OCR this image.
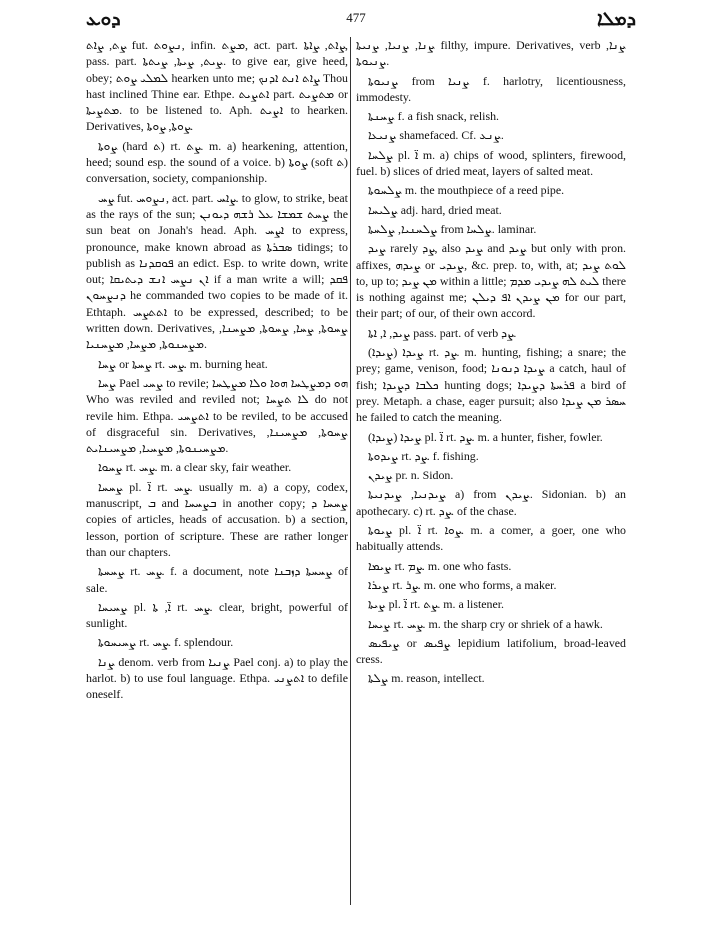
ܕܘܥ	477	ܕܡܠܐ

ܨܬ, ܨܐܬ fut. ܢܨܘܬ, infin. ܡܨܬ, act. part. ܨܐܬ, ܨܐܬܐ, pass. part. ܨܝܬ, ܨܝܬܐ, ܨܝܬܬܐ. to give ear, give heed, obey; ܠܡܠܝ ܨܘܬ hearken unto me; ܨܐܬ ܐܢܬ ܐܕܢܟ Thou hast inclined Thine ear. Ethpe. ܐܬܨܝܬ part. ܡܬܨܝܬ or ܡܬܨܝܬܐ. to be listened to. Aph. ܐܨܝܬ to hearken. Derivatives, ܨܘܬܐ, ܨܘܬܐ.

ܨܘܬܐ (hard ܬ) rt. ܨܬ. m. a) hearkening, attention, heed; sound esp. the sound of a voice. b) ܨܘܬܐ (soft ܬ) conversation, society, companionship.

ܨܚ fut. ܢܨܘܚ, act. part. ܨܐܚ. to glow, to strike, beat as the rays of the sun; ܨܚܬ ܫܡܫܐ ܥܠ ܪܫܗ ܕܝܘܢܢ the sun beat on Jonah's head. Aph. ܐܨܚ to express, pronounce, make known abroad as ܣܒܪܬܐ tidings; to publish as ܦܘܩܕܢܐ an edict. Esp. to write down, write out; ܐܢ ܢܨܚ ܐܢܫ ܕܝܬܝܩܐ if a man write a will; ܦܩܕ ܕܢܨܚܘܢ he commanded two copies to be made of it. Ethtaph. ܐܬܬܨܚ to be expressed, described; to be written down. Derivatives, ܨܚܘܬܐ, ܨܚܐ, ܨܚܘܬܐ, ܡܨܚܢܐ, ܡܨܚܢܘܬܐ, ܡܨܚܐ, ܡܨܚܢܝܐ.

ܨܚܐ or ܨܚܬܐ rt. ܨܚ. m. burning heat.

ܨܚܐ Pael ܨܚܝ to revile; ܗܘ ܕܡܨܛܚܐ ܗܘܐ ܘܠܐ ܡܨܛܚܐ Who was reviled and reviled not; ܠܐ ܬܨܚܐ do not revile him. Ethpa. ܐܬܨܚܝ to be reviled, to be accused of disgraceful sin. Derivatives, ܨܚܘܬܐ, ܡܨܚܝܢܐ, ܡܨܚܝܢܘܬܐ, ܡܨܚܝܐ, ܡܨܚܝܢܐܝܬ.

ܨܚܘܐ rt. ܨܚ. m. a clear sky, fair weather.

ܨܚܚܐ pl. ܐ̈ rt. ܨܚ. usually m. a) a copy, codex, manuscript, ܒ and ܒܨܚܚܐ in another copy; ܨܚܚܐ ܕ copies of articles, heads of accusation. b) a section, lesson, portion of scripture. These are rather longer than our chapters.

ܨܚܚܬܐ rt. ܨܚ. f. a document, note ܨܚܚܬܐ ܕܙܒܢܐ of sale.

ܨܚܝܚܐ pl. ܐ̈, ܬܐ rt. ܨܚ. clear, bright, powerful of sunlight.

ܨܚܝܚܘܬܐ rt. ܨܚ. f. splendour.

ܨܢܐ denom. verb from ܨܢܝܐ Pael conj. a) to play the harlot. b) to use foul language. Ethpa. ܐܬܨܢܝ to defile oneself.

ܨܢܐ, ܨܢܝܐ, ܨܢܝܬܐ filthy, impure. Derivatives, verb ܨܢܐ, ܨܢܝܘܬܐ.

ܨܢܝܘܬܐ from ܨܢܝܐ f. harlotry, licentiousness, immodesty.

ܨܚܢܬܐ f. a fish snack, relish.

ܨܢܝܥܐ shamefaced. Cf. ܨܢܥ.

ܨܠܚܐ pl. ܐ̈ m. a) chips of wood, splinters, firewood, fuel. b) slices of dried meat, layers of salted meat.

ܨܠܚܘܬܐ m. the mouthpiece of a reed pipe.

ܨܠܝܚܐ adj. hard, dried meat.

ܨܠܚܢܝܐ, ܨܠܚܬܐ from ܨܠܚܐ. laminar.

ܨܝܕ rarely ܨܕ, also ܨܝܕ and ܨܝܕ but only with pron. affixes, ܨܝܕܗ or ܨܝܕܝ, &c. prep. to, with, at; ܠܘܬ ܨܝܕ to, up to; ܡܢ ܨܝܕ within a little; ܠܝܬ ܠܗ ܨܝܕܝ ܡܕܡ there is nothing against me; ܡܢ ܨܝܕܢ ܐܦ ܕܝܠܢ for our part, their part; of our, of their own accord.

ܨܝܕ, ܐ, ܐܬܐ pass. part. of verb ܨܕ.

ܨܝܕܐ (ܨܝܕܐ) rt. ܨܕ. m. hunting, fishing; a snare; the prey; game, venison, food; ܨܝܕܐ ܕܢܘܢܐ a catch, haul of fish; ܟܠܒܐ ܕܨܝܕܐ hunting dogs; ܦܪܚܬܐ ܕܨܝܕܐ a bird of prey. Metaph. a chase, eager pursuit; also ܚܣܪ ܡܢ ܨܝܕܐ he failed to catch the meaning.

ܨܝܕܐ (ܨܝܕܐ) pl. ܐ̈ rt. ܨܕ. m. a hunter, fisher, fowler.

ܨܝܕܘܬܐ rt. ܨܕ. f. fishing.

ܨܝܕܢ pr. n. Sidon.

ܨܝܕܢܝܐ, ܨܝܕܢܝܬܐ a) from ܨܝܕܢ. Sidonian. b) an apothecary. c) rt. ܨܕ. of the chase.

ܨܝܘܬܐ pl. ܐ̈ rt. ܨܘܐ. m. a comer, a goer, one who habitually attends.

ܨܝܡܐ rt. ܨܡ. m. one who fasts.

ܨܝܪܐ rt. ܨܪ. m. one who forms, a maker.

ܨܝܬܐ pl. ܐ̈ rt. ܨܬ. m. a listener.

ܨܝܚܐ rt. ܨܚ. m. the sharp cry or shriek of a hawk.

ܨܝܦܝܣ or ܨܦܝܣ lepidium latifolium, broad-leaved cress.

ܨܠܬܐ m. reason, intellect.
